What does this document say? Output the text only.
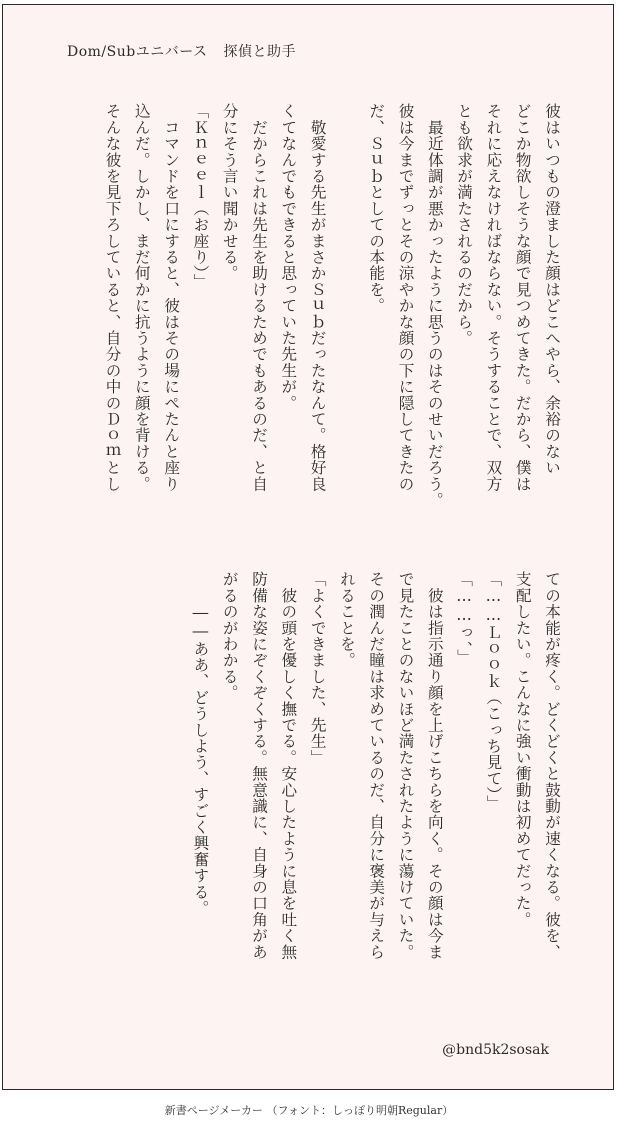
Dom/Subユニバース 探偵と助手
彼はいつもの澄ました顔はどこへやら、余裕のない
どこか物欲しそうな顔で見つめてきた。だから、僕は
それに応えなければならない。そうすることで、双方
とも欲求が満たされるのだから。
　最近体調が悪かったように思うのはそのせいだろう。
彼は今までずっとその涼やかな顔の下に隠してきたの
だ、Ｓｕｂとしての本能を。

　敬愛する先生がまさかＳｕｂだったなんて。格好良
くてなんでもできると思っていた先生が。
　だからこれは先生を助けるためでもあるのだ、と自
分にそう言い聞かせる。
「Ｋｎｅｅｌ（お座り）」
　コマンドを口にすると、彼はその場にぺたんと座り
込んだ。しかし、まだ何かに抗うように顔を背ける。
そんな彼を見下ろしていると、自分の中のＤｏｍとし
ての本能が疼く。どくどくと鼓動が速くなる。彼を、
支配したい。こんなに強い衝動は初めてだった。
「……Ｌｏｏｋ（こっち見て）」
「……っ、」
　彼は指示通り顔を上げこちらを向く。その顔は今ま
で見たことのないほど満たされたように蕩けていた。
その潤んだ瞳は求めているのだ、自分に褒美が与えら
れることを。
「よくできました、先生」
　彼の頭を優しく撫でる。安心したように息を吐く無
防備な姿にぞくぞくする。無意識に、自身の口角があ
がるのがわかる。
　　――ああ、どうしよう、すごく興奮する。
@bnd5k2sosak
新書ページメーカー （フォント：しっぽり明朝Regular）
